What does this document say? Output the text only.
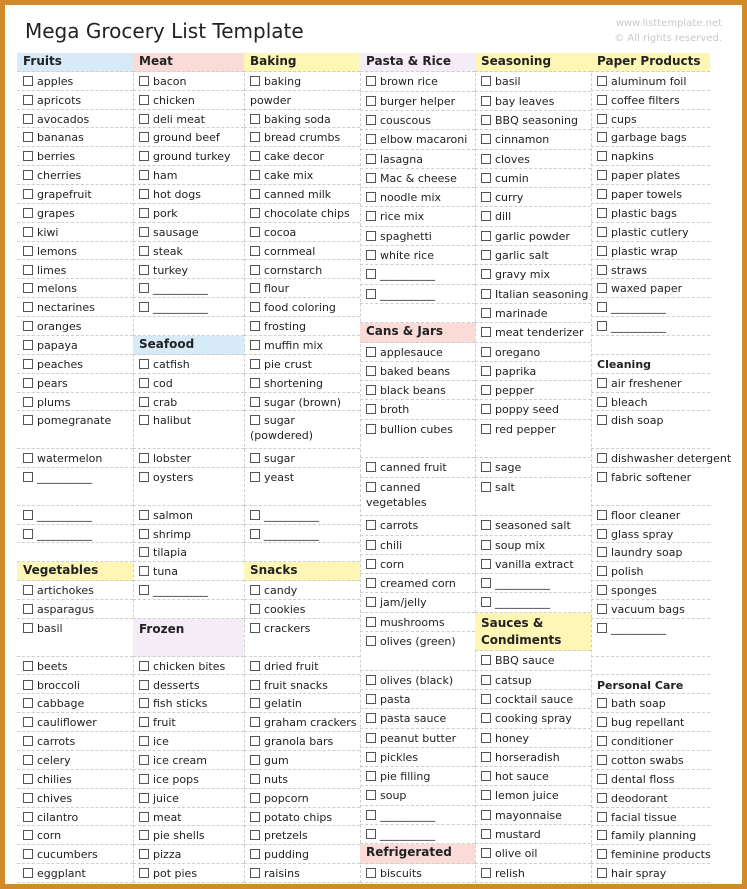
Mega Grocery List Template	www.listtemplate.net
© All rights reserved.
Fruits
apples
apricots
avocados
bananas
berries
cherries
grapefruit
grapes
kiwi
lemons
limes
melons
nectarines
oranges
papaya
peaches
pears
plums
pomegranate
watermelon
__________
__________
__________
Vegetables
artichokes
asparagus
basil
beets
broccoli
cabbage
cauliflower
carrots
celery
chilies
chives
cilantro
corn
cucumbers
eggplant
Meat
bacon
chicken
deli meat
ground beef
ground turkey
ham
hot dogs
pork
sausage
steak
turkey
__________
__________
Seafood
catfish
cod
crab
halibut
lobster
oysters
salmon
shrimp
tilapia
tuna
__________
Frozen
chicken bites
desserts
fish sticks
fruit
ice
ice cream
ice pops
juice
meat
pie shells
pizza
pot pies
Baking
baking
powder
baking soda
bread crumbs
cake decor
cake mix
canned milk
chocolate chips
cocoa
cornmeal
cornstarch
flour
food coloring
frosting
muffin mix
pie crust
shortening
sugar (brown)
sugar (powdered)
sugar
yeast
__________
__________
Snacks
candy
cookies
crackers
dried fruit
fruit snacks
gelatin
graham crackers
granola bars
gum
nuts
popcorn
potato chips
pretzels
pudding
raisins
Pasta & Rice
brown rice
burger helper
couscous
elbow macaroni
lasagna
Mac & cheese
noodle mix
rice mix
spaghetti
white rice
__________
__________
Cans & Jars
applesauce
baked beans
black beans
broth
bullion cubes
canned fruit
canned vegetables
carrots
chili
corn
creamed corn
jam/jelly
mushrooms
olives (green)
olives (black)
pasta
pasta sauce
peanut butter
pickles
pie filling
soup
__________
__________
Refrigerated
biscuits
Seasoning
basil
bay leaves
BBQ seasoning
cinnamon
cloves
cumin
curry
dill
garlic powder
garlic salt
gravy mix
Italian seasoning
marinade
meat tenderizer
oregano
paprika
pepper
poppy seed
red pepper
sage
salt
seasoned salt
soup mix
vanilla extract
__________
__________
Sauces & Condiments
BBQ sauce
catsup
cocktail sauce
cooking spray
honey
horseradish
hot sauce
lemon juice
mayonnaise
mustard
olive oil
relish
Paper Products
aluminum foil
coffee filters
cups
garbage bags
napkins
paper plates
paper towels
plastic bags
plastic cutlery
plastic wrap
straws
waxed paper
__________
__________
Cleaning
air freshener
bleach
dish soap
dishwasher detergent
fabric softener
floor cleaner
glass spray
laundry soap
polish
sponges
vacuum bags
__________
Personal Care
bath soap
bug repellant
conditioner
cotton swabs
dental floss
deodorant
facial tissue
family planning
feminine products
hair spray
